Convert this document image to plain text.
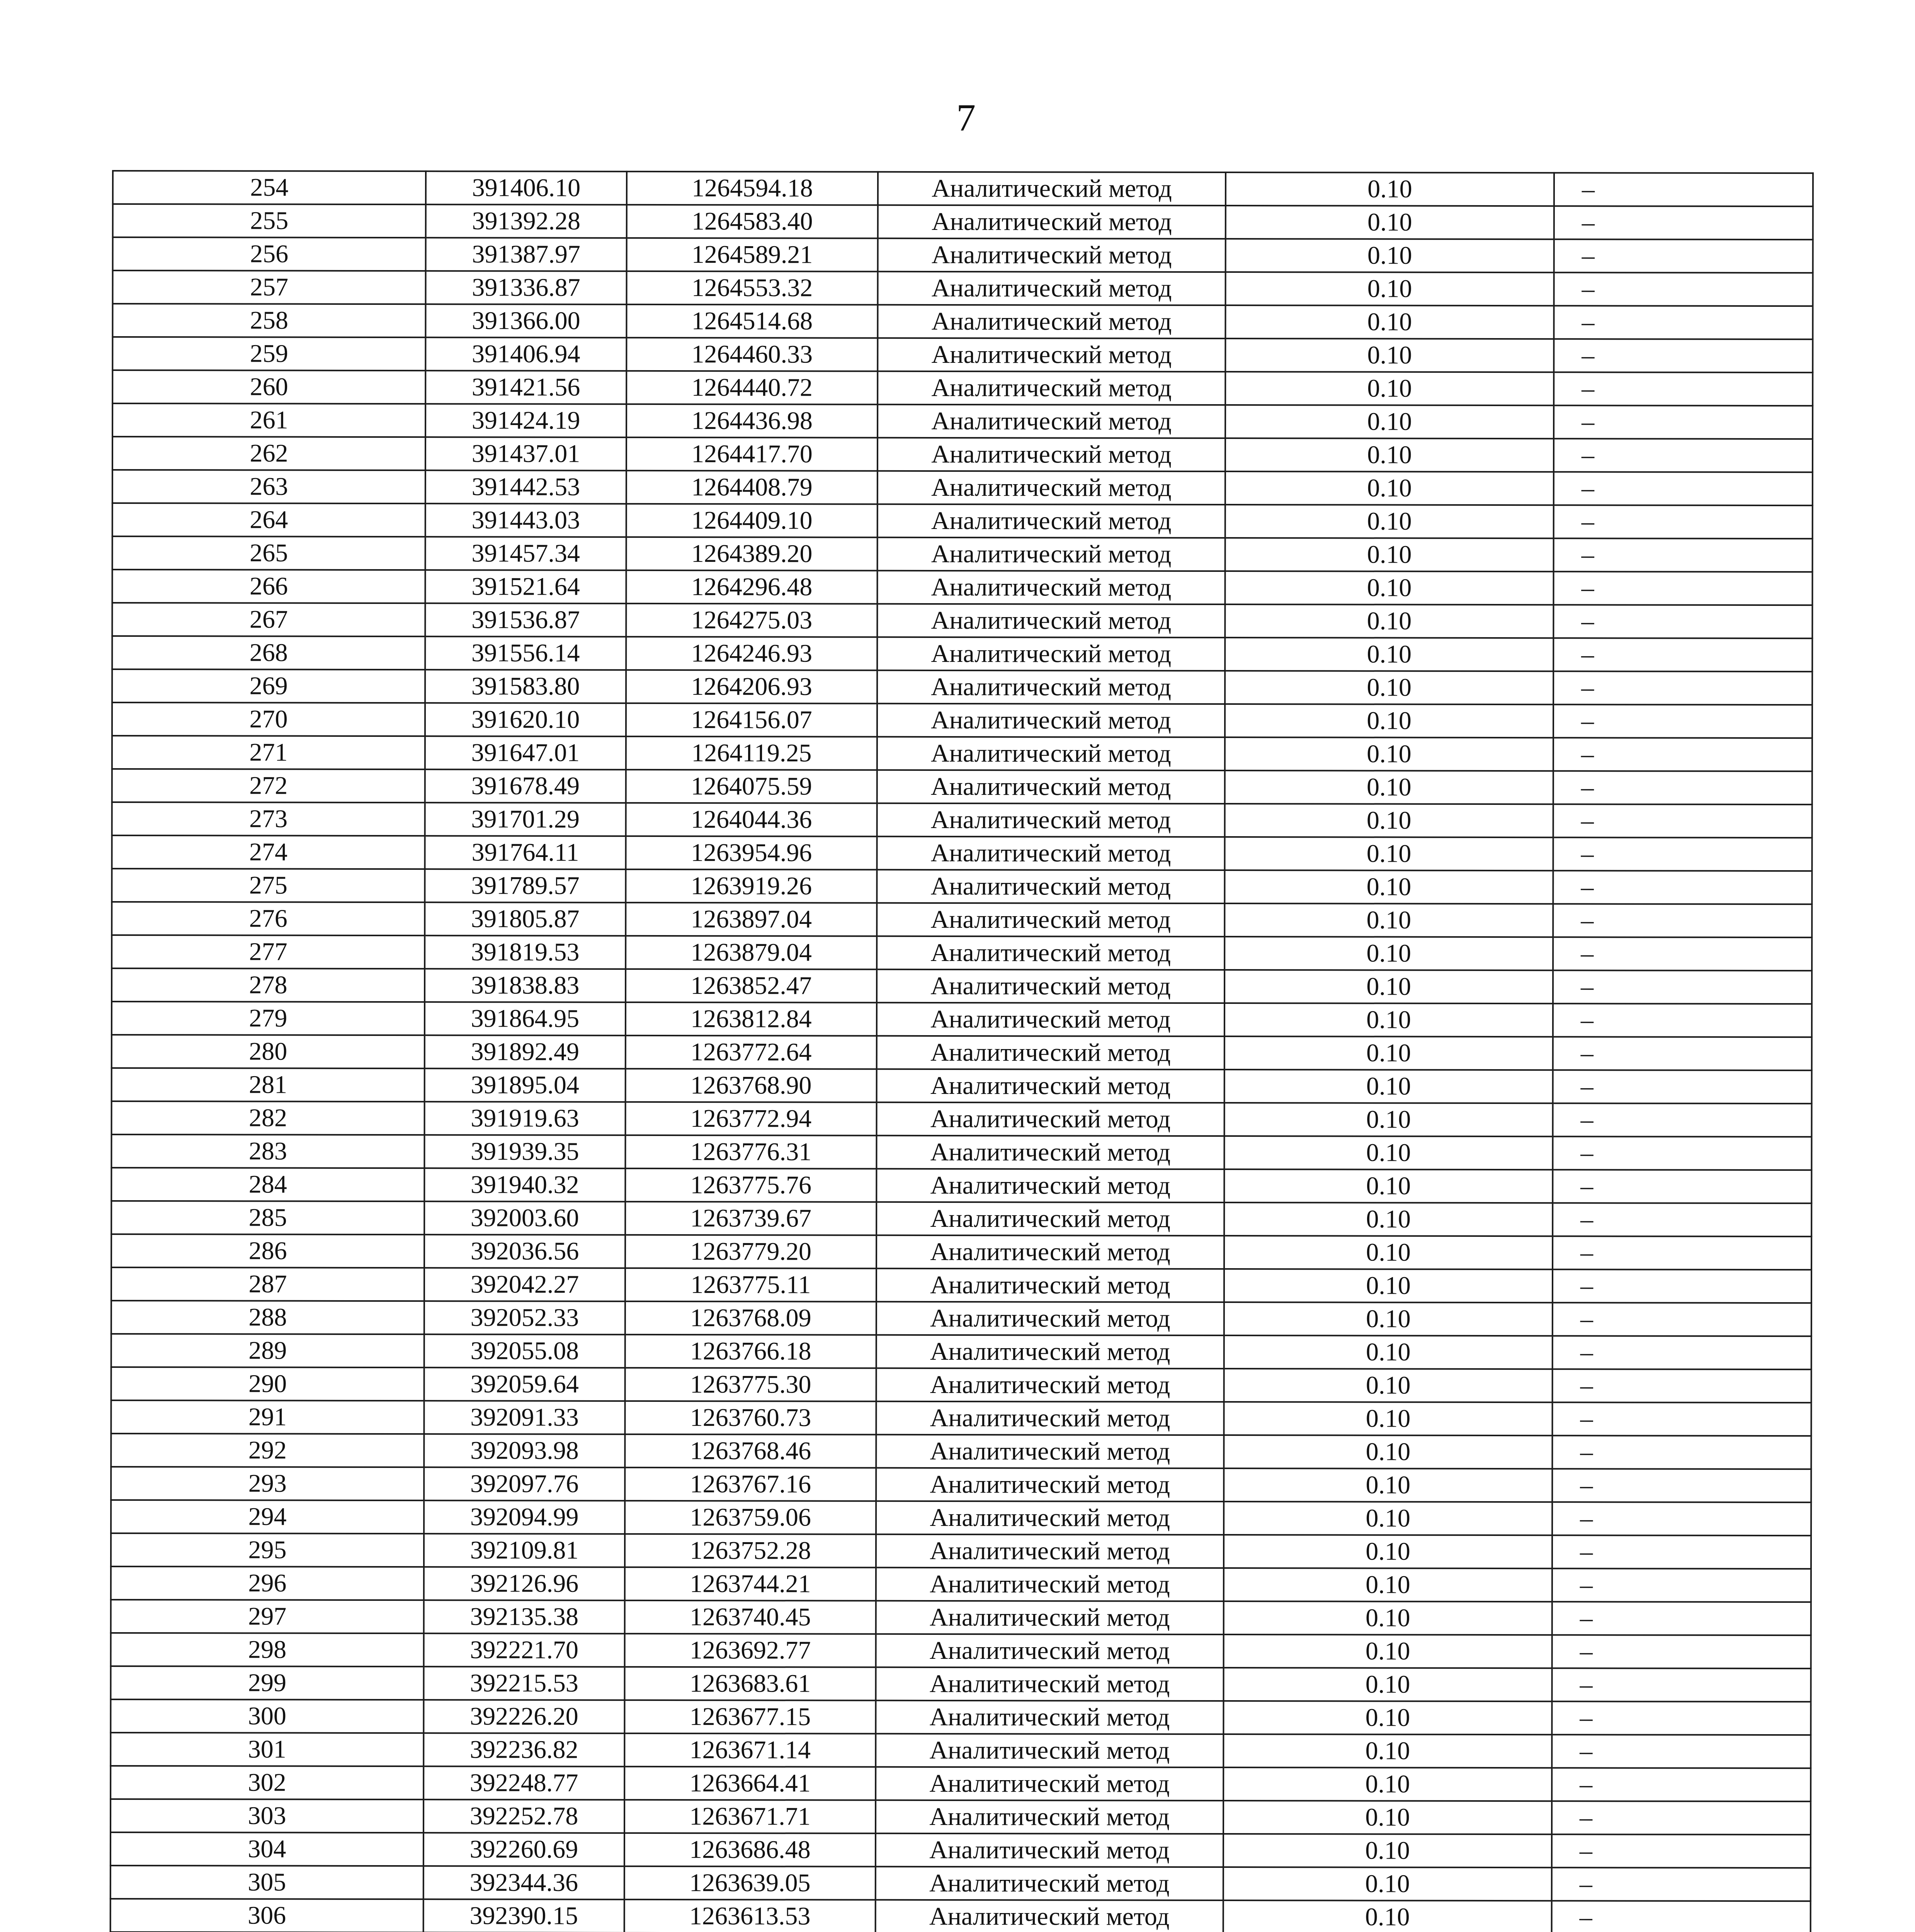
7
254	391406.10	1264594.18	Аналитический метод	0.10	–
255	391392.28	1264583.40	Аналитический метод	0.10	–
256	391387.97	1264589.21	Аналитический метод	0.10	–
257	391336.87	1264553.32	Аналитический метод	0.10	–
258	391366.00	1264514.68	Аналитический метод	0.10	–
259	391406.94	1264460.33	Аналитический метод	0.10	–
260	391421.56	1264440.72	Аналитический метод	0.10	–
261	391424.19	1264436.98	Аналитический метод	0.10	–
262	391437.01	1264417.70	Аналитический метод	0.10	–
263	391442.53	1264408.79	Аналитический метод	0.10	–
264	391443.03	1264409.10	Аналитический метод	0.10	–
265	391457.34	1264389.20	Аналитический метод	0.10	–
266	391521.64	1264296.48	Аналитический метод	0.10	–
267	391536.87	1264275.03	Аналитический метод	0.10	–
268	391556.14	1264246.93	Аналитический метод	0.10	–
269	391583.80	1264206.93	Аналитический метод	0.10	–
270	391620.10	1264156.07	Аналитический метод	0.10	–
271	391647.01	1264119.25	Аналитический метод	0.10	–
272	391678.49	1264075.59	Аналитический метод	0.10	–
273	391701.29	1264044.36	Аналитический метод	0.10	–
274	391764.11	1263954.96	Аналитический метод	0.10	–
275	391789.57	1263919.26	Аналитический метод	0.10	–
276	391805.87	1263897.04	Аналитический метод	0.10	–
277	391819.53	1263879.04	Аналитический метод	0.10	–
278	391838.83	1263852.47	Аналитический метод	0.10	–
279	391864.95	1263812.84	Аналитический метод	0.10	–
280	391892.49	1263772.64	Аналитический метод	0.10	–
281	391895.04	1263768.90	Аналитический метод	0.10	–
282	391919.63	1263772.94	Аналитический метод	0.10	–
283	391939.35	1263776.31	Аналитический метод	0.10	–
284	391940.32	1263775.76	Аналитический метод	0.10	–
285	392003.60	1263739.67	Аналитический метод	0.10	–
286	392036.56	1263779.20	Аналитический метод	0.10	–
287	392042.27	1263775.11	Аналитический метод	0.10	–
288	392052.33	1263768.09	Аналитический метод	0.10	–
289	392055.08	1263766.18	Аналитический метод	0.10	–
290	392059.64	1263775.30	Аналитический метод	0.10	–
291	392091.33	1263760.73	Аналитический метод	0.10	–
292	392093.98	1263768.46	Аналитический метод	0.10	–
293	392097.76	1263767.16	Аналитический метод	0.10	–
294	392094.99	1263759.06	Аналитический метод	0.10	–
295	392109.81	1263752.28	Аналитический метод	0.10	–
296	392126.96	1263744.21	Аналитический метод	0.10	–
297	392135.38	1263740.45	Аналитический метод	0.10	–
298	392221.70	1263692.77	Аналитический метод	0.10	–
299	392215.53	1263683.61	Аналитический метод	0.10	–
300	392226.20	1263677.15	Аналитический метод	0.10	–
301	392236.82	1263671.14	Аналитический метод	0.10	–
302	392248.77	1263664.41	Аналитический метод	0.10	–
303	392252.78	1263671.71	Аналитический метод	0.10	–
304	392260.69	1263686.48	Аналитический метод	0.10	–
305	392344.36	1263639.05	Аналитический метод	0.10	–
306	392390.15	1263613.53	Аналитический метод	0.10	–
